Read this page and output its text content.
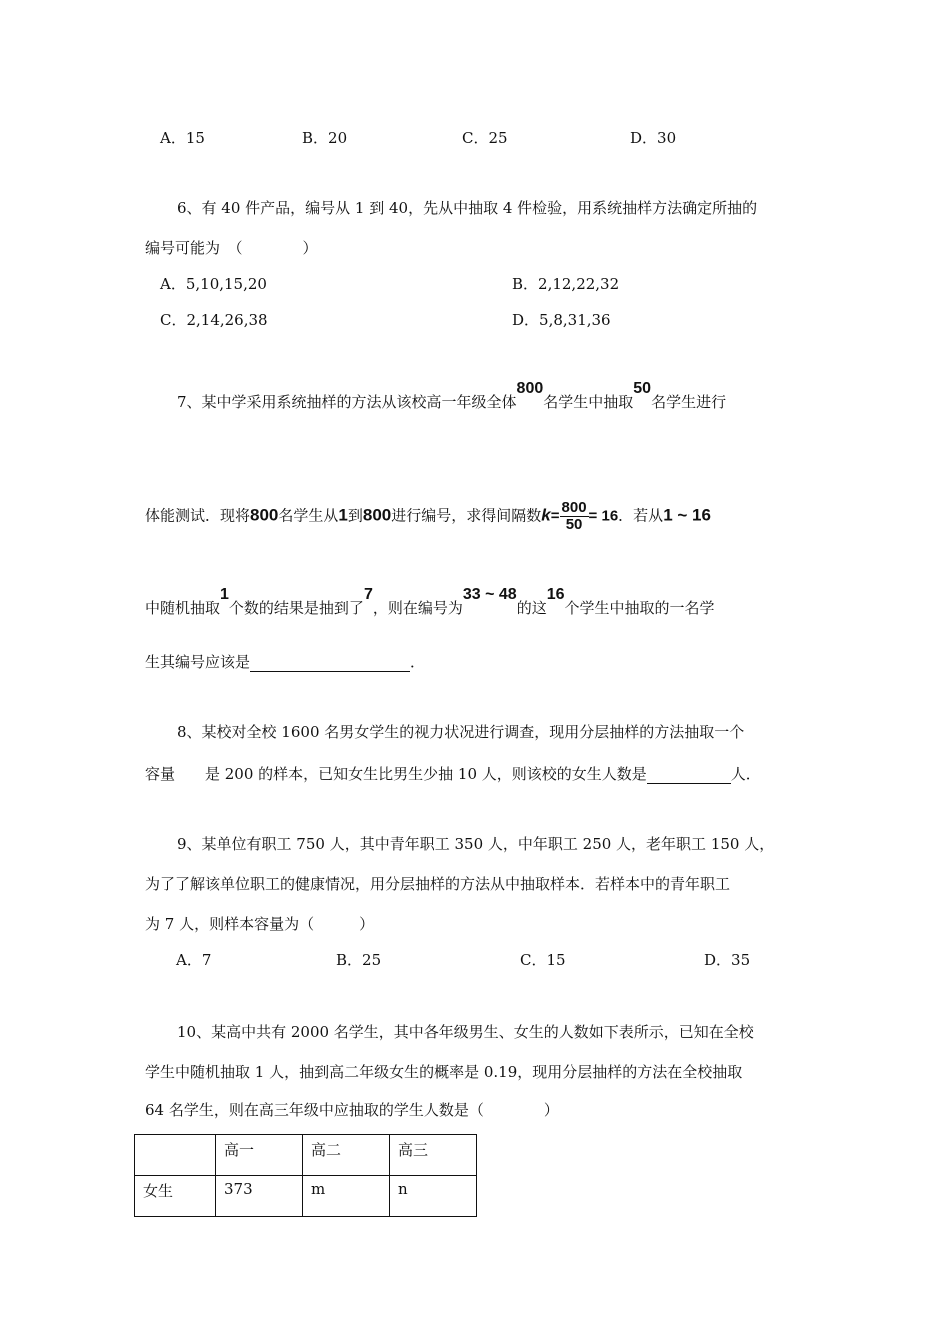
A．15	B．20	C．25	D．30
6、有 40 件产品，编号从 1 到 40，先从中抽取 4 件检验，用系统抽样方法确定所抽的
编号可能为　（　　　　）
A．5,10,15,20	B．2,12,22,32
C．2,14,26,38	D．5,8,31,36
7、某中学采用系统抽样的方法从该校高一年级全体800名学生中抽取50名学生进行
体能测试．现将800名学生从1到800进行编号，求得间隔数$k= \frac{800}{50} = 16$．若从1 ~ 16
中随机抽取1个数的结果是抽到了7，则在编号为33 ~ 48的这16个学生中抽取的一名学
生其编号应该是	．
8、某校对全校 1600 名男女学生的视力状况进行调查，现用分层抽样的方法抽取一个
容量　　是 200 的样本，已知女生比男生少抽 10 人，则该校的女生人数是	人．
9、某单位有职工 750 人，其中青年职工 350 人，中年职工 250 人，老年职工 150 人，
为了了解该单位职工的健康情况，用分层抽样的方法从中抽取样本．若样本中的青年职工
为 7 人，则样本容量为（　　　）
A．7	B．25	C．15	D．35
10、某高中共有 2000 名学生，其中各年级男生、女生的人数如下表所示，已知在全校
学生中随机抽取 1 人，抽到高二年级女生的概率是 0.19，现用分层抽样的方法在全校抽取
64 名学生，则在高三年级中应抽取的学生人数是（　　　　）
	高一	高二	高三
女生	373	m	n
